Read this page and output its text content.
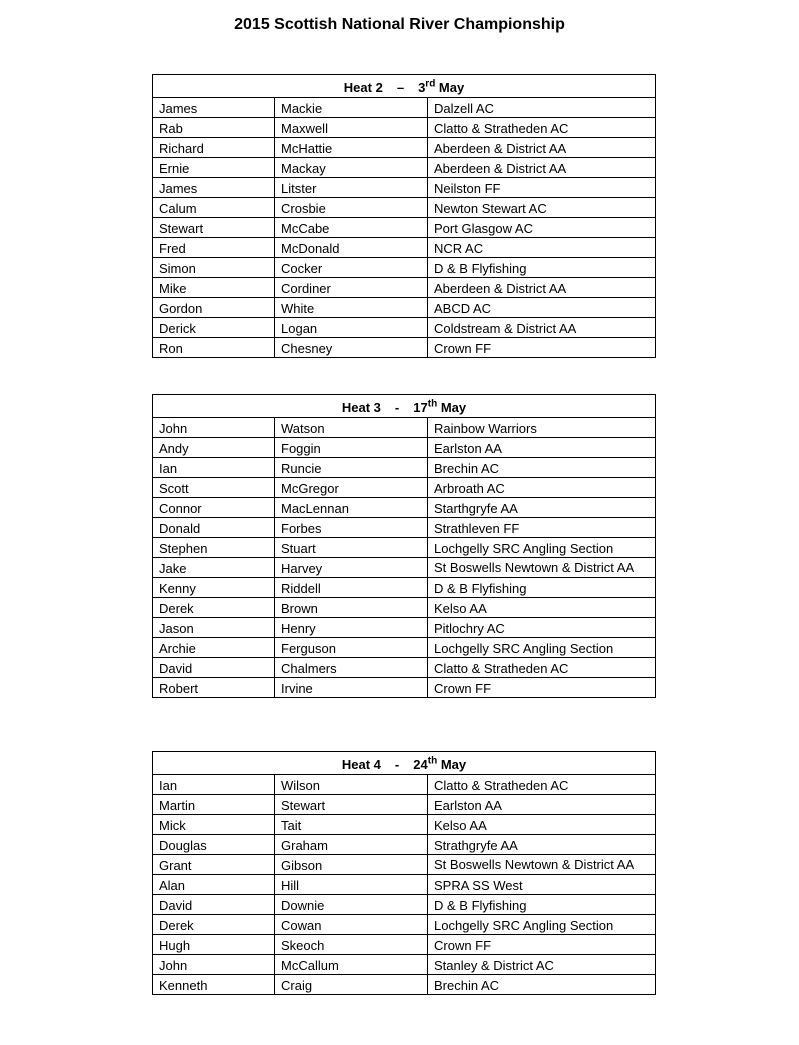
2015 Scottish National River Championship
Heat 2 – 3rd May		
James	Mackie	Dalzell AC
Rab	Maxwell	Clatto & Stratheden AC
Richard	McHattie	Aberdeen & District AA
Ernie	Mackay	Aberdeen & District AA
James	Litster	Neilston FF
Calum	Crosbie	Newton Stewart AC
Stewart	McCabe	Port Glasgow AC
Fred	McDonald	NCR AC
Simon	Cocker	D & B Flyfishing
Mike	Cordiner	Aberdeen & District AA
Gordon	White	ABCD AC
Derick	Logan	Coldstream & District AA
Ron	Chesney	Crown FF
Heat 3 - 17th May		
John	Watson	Rainbow Warriors
Andy	Foggin	Earlston AA
Ian	Runcie	Brechin AC
Scott	McGregor	Arbroath AC
Connor	MacLennan	Starthgryfe AA
Donald	Forbes	Strathleven FF
Stephen	Stuart	Lochgelly SRC Angling Section
Jake	Harvey	St Boswells Newtown & District AA
Kenny	Riddell	D & B Flyfishing
Derek	Brown	Kelso AA
Jason	Henry	Pitlochry AC
Archie	Ferguson	Lochgelly SRC Angling Section
David	Chalmers	Clatto & Stratheden AC
Robert	Irvine	Crown FF
Heat 4 - 24th May		
Ian	Wilson	Clatto & Stratheden AC
Martin	Stewart	Earlston AA
Mick	Tait	Kelso AA
Douglas	Graham	Strathgryfe AA
Grant	Gibson	St Boswells Newtown & District AA
Alan	Hill	SPRA SS West
David	Downie	D & B Flyfishing
Derek	Cowan	Lochgelly SRC Angling Section
Hugh	Skeoch	Crown FF
John	McCallum	Stanley & District AC
Kenneth	Craig	Brechin AC
